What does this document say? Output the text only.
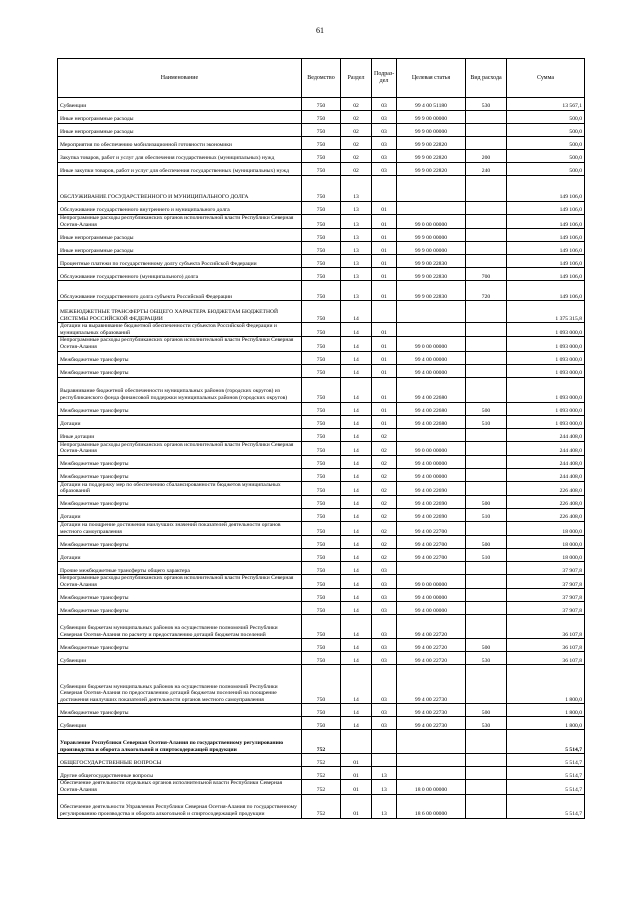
61
Наименование	Ведомство	Раздел	Подраз-дел	Целевая статья	Вид расхода	Сумма
Субвенции	750	02	03	99 4 00 51180	530	13 567,1
Иные непрограммные расходы	750	02	03	99 9 00 00000		500,0
Иные непрограммные расходы	750	02	03	99 9 00 00000		500,0
Мероприятия по обеспечению мобилизационной готовности экономики	750	02	03	99 9 00 22820		500,0
Закупка товаров, работ и услуг для обеспечения государственных (муниципальных) нужд	750	02	03	99 9 00 22820	200	500,0
Иные закупки товаров, работ и услуг для обеспечения государственных (муниципальных) нужд	750	02	03	99 9 00 22820	240	500,0
ОБСЛУЖИВАНИЕ ГОСУДАРСТВЕННОГО И МУНИЦИПАЛЬНОГО ДОЛГА	750	13				149 106,0
Обслуживание государственного внутреннего и муниципального долга	750	13	01			149 106,0
Непрограммные расходы республиканских органов исполнительной власти Республики Северная Осетия-Алания	750	13	01	99 0 00 00000		149 106,0
Иные непрограммные расходы	750	13	01	99 9 00 00000		149 106,0
Иные непрограммные расходы	750	13	01	99 9 00 00000		149 106,0
Процентные платежи по государственному долгу субъекта Российской Федерации	750	13	01	99 9 00 22830		149 106,0
Обслуживание государственного (муниципального) долга	750	13	01	99 9 00 22830	700	149 106,0
Обслуживание государственного долга субъекта Российской Федерации	750	13	01	99 9 00 22830	720	149 106,0
МЕЖБЮДЖЕТНЫЕ ТРАНСФЕРТЫ ОБЩЕГО ХАРАКТЕРА БЮДЖЕТАМ БЮДЖЕТНОЙ СИСТЕМЫ РОССИЙСКОЙ ФЕДЕРАЦИИ	750	14				1 375 315,8
Дотации на выравнивание бюджетной обеспеченности субъектов Российской Федерации и муниципальных образований	750	14	01			1 093 000,0
Непрограммные расходы республиканских органов исполнительной власти Республики Северная Осетия-Алания	750	14	01	99 0 00 00000		1 093 000,0
Межбюджетные трансферты	750	14	01	99 4 00 00000		1 093 000,0
Межбюджетные трансферты	750	14	01	99 4 00 00000		1 093 000,0
Выравнивание бюджетной обеспеченности муниципальных районов (городских округов) из республиканского фонда финансовой поддержки муниципальных районов (городских округов)	750	14	01	99 4 00 22680		1 093 000,0
Межбюджетные трансферты	750	14	01	99 4 00 22680	500	1 093 000,0
Дотации	750	14	01	99 4 00 22680	510	1 093 000,0
Иные дотации	750	14	02			244 408,0
Непрограммные расходы республиканских органов исполнительной власти Республики Северная Осетия-Алания	750	14	02	99 0 00 00000		244 408,0
Межбюджетные трансферты	750	14	02	99 4 00 00000		244 408,0
Межбюджетные трансферты	750	14	02	99 4 00 00000		244 408,0
Дотации на поддержку мер по обеспечению сбалансированности бюджетов муниципальных образований	750	14	02	99 4 00 22690		226 408,0
Межбюджетные трансферты	750	14	02	99 4 00 22690	500	226 408,0
Дотации	750	14	02	99 4 00 22690	510	226 408,0
Дотации на поощрение достижения наилучших значений показателей деятельности органов местного самоуправления	750	14	02	99 4 00 22700		18 000,0
Межбюджетные трансферты	750	14	02	99 4 00 22700	500	18 000,0
Дотации	750	14	02	99 4 00 22700	510	18 000,0
Прочие межбюджетные трансферты общего характера	750	14	03			37 907,8
Непрограммные расходы республиканских органов исполнительной власти Республики Северная Осетия-Алания	750	14	03	99 0 00 00000		37 907,8
Межбюджетные трансферты	750	14	03	99 4 00 00000		37 907,8
Межбюджетные трансферты	750	14	03	99 4 00 00000		37 907,8
Субвенции бюджетам муниципальных районов на осуществление полномочий Республики Северная Осетия-Алания по расчету и предоставлению дотаций бюджетам поселений	750	14	03	99 4 00 22720		36 107,8
Межбюджетные трансферты	750	14	03	99 4 00 22720	500	36 107,8
Субвенции	750	14	03	99 4 00 22720	530	36 107,8
Субвенции бюджетам муниципальных районов на осуществление полномочий Республики Северная Осетия-Алания по предоставлению дотаций бюджетам поселений на поощрение достижения наилучших показателей деятельности органов местного самоуправления	750	14	03	99 4 00 22730		1 800,0
Межбюджетные трансферты	750	14	03	99 4 00 22730	500	1 800,0
Субвенции	750	14	03	99 4 00 22730	530	1 800,0
Управление Республики Северная Осетия-Алания по государственному регулированию производства и оборота алкогольной и спиртосодержащей продукции	752					5 514,7
ОБЩЕГОСУДАРСТВЕННЫЕ ВОПРОСЫ	752	01				5 514,7
Другие общегосударственные вопросы	752	01	13			5 514,7
Обеспечение деятельности отдельных органов исполнительной власти Республики Северная Осетия-Алания	752	01	13	18 0 00 00000		5 514,7
Обеспечение деятельности Управления Республики Северная Осетия-Алания по государственному регулированию производства и оборота алкогольной и спиртосодержащей продукции	752	01	13	18 6 00 00000		5 514,7
